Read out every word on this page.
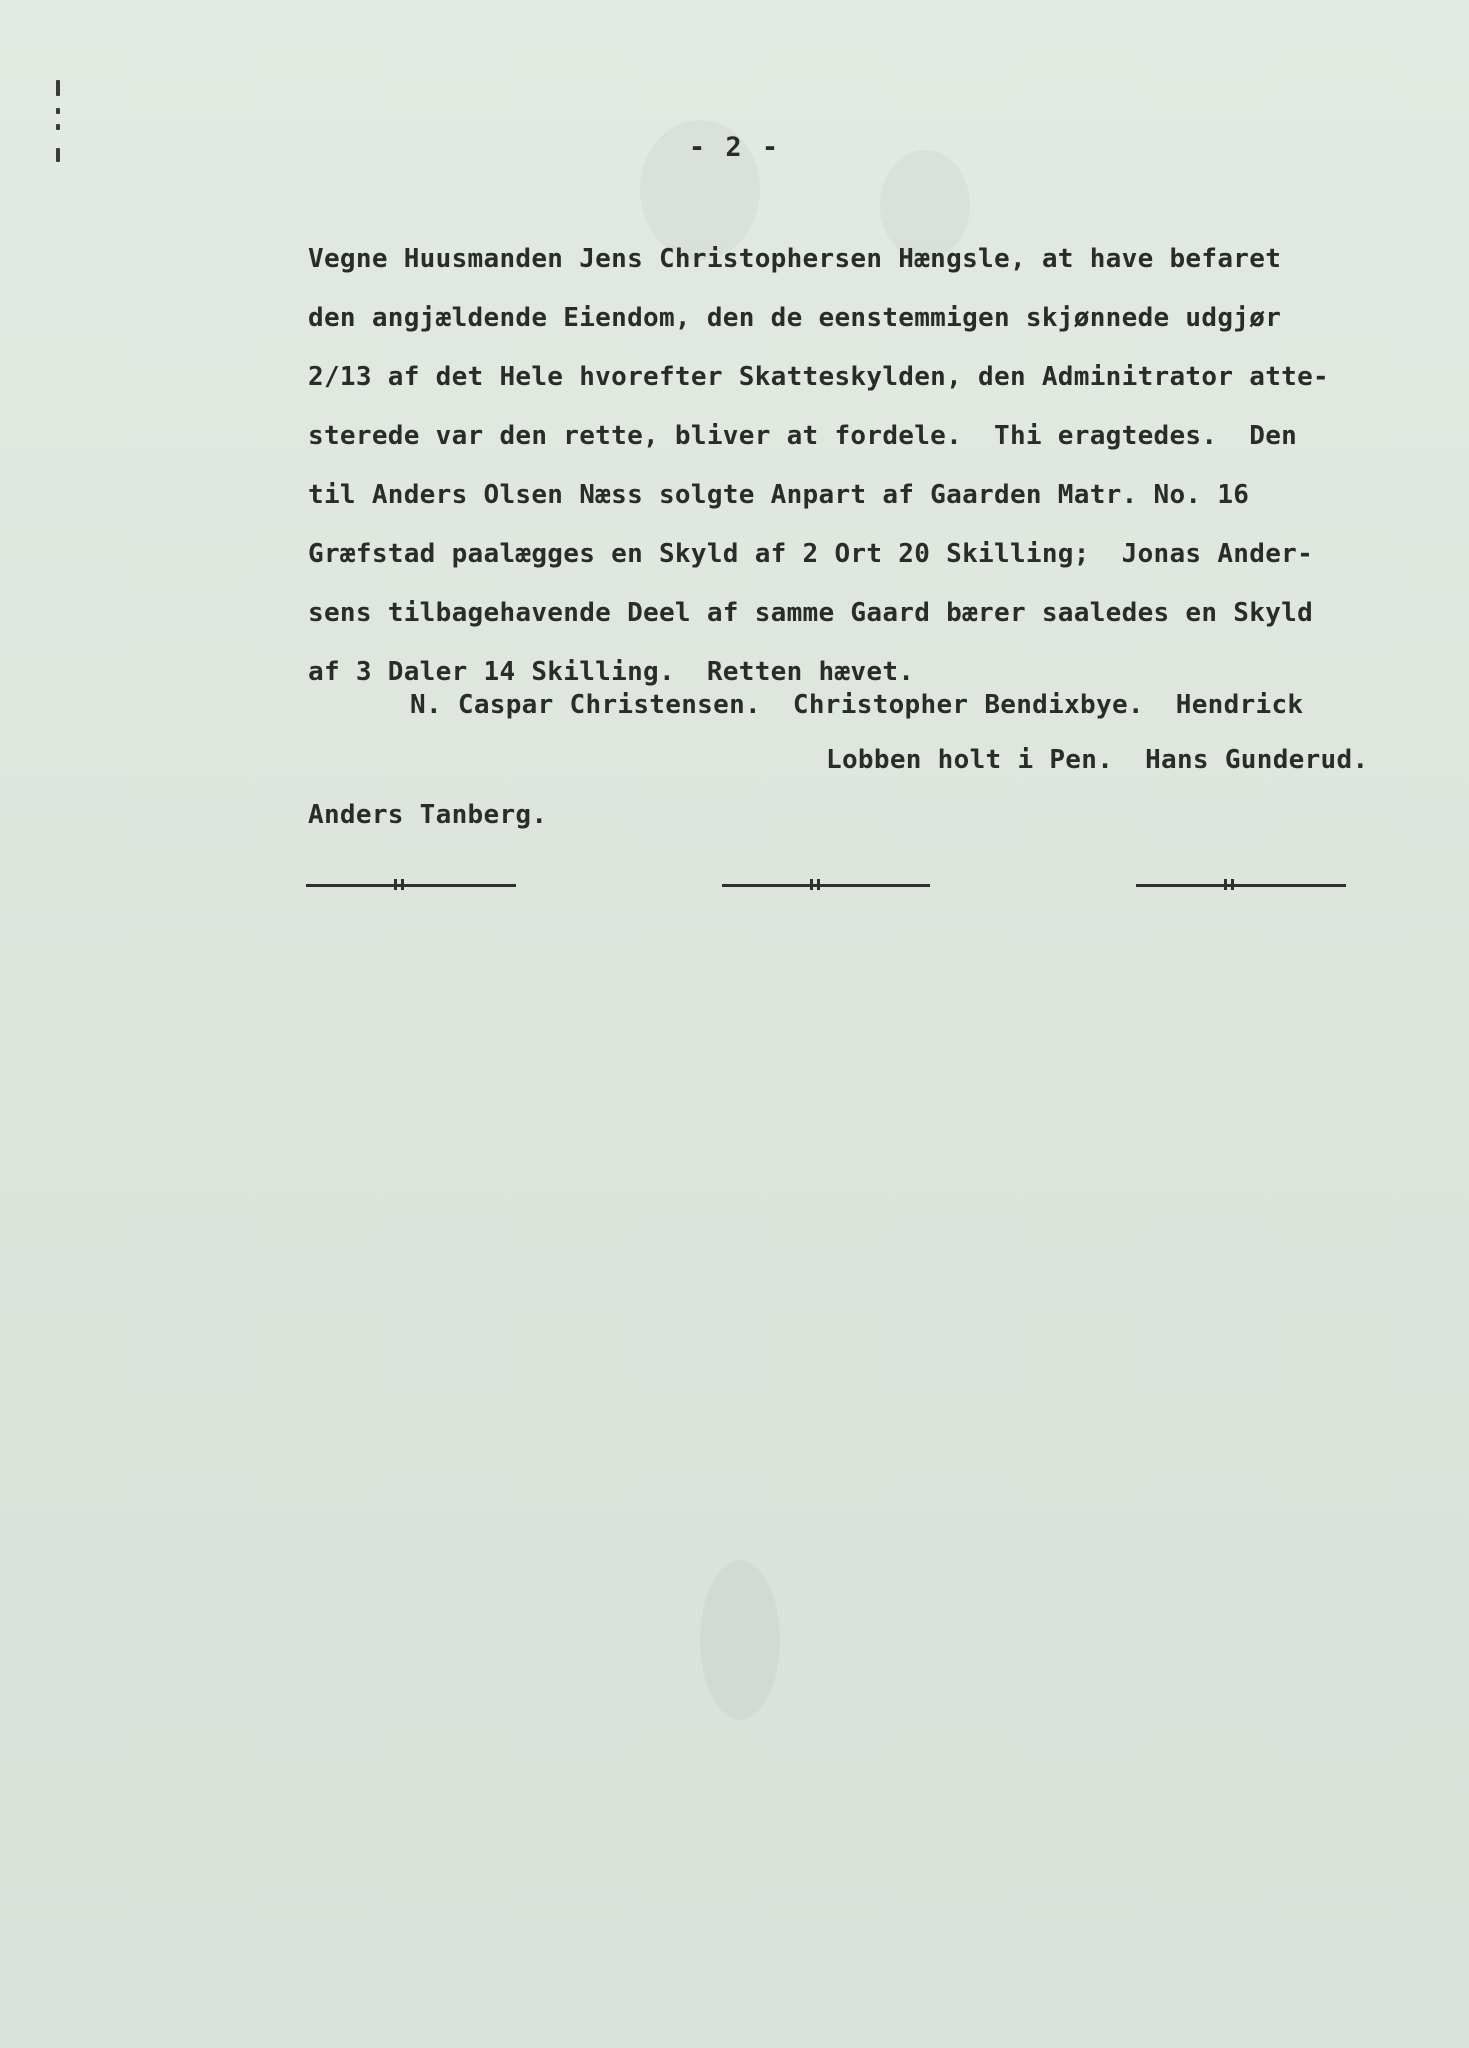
- 2 -
Vegne Huusmanden Jens Christophersen Hængsle, at have befaret
den angjældende Eiendom, den de eenstemmigen skjønnede udgjør
2/13 af det Hele hvorefter Skatteskylden, den Adminitrator atte-
sterede var den rette, bliver at fordele.  Thi eragtedes.  Den
til Anders Olsen Næss solgte Anpart af Gaarden Matr. No. 16
Græfstad paalægges en Skyld af 2 Ort 20 Skilling;  Jonas Ander-
sens tilbagehavende Deel af samme Gaard bærer saaledes en Skyld
af 3 Daler 14 Skilling.  Retten hævet.
N. Caspar Christensen.  Christopher Bendixbye.  Hendrick
Lobben holt i Pen.  Hans Gunderud.
Anders Tanberg.
